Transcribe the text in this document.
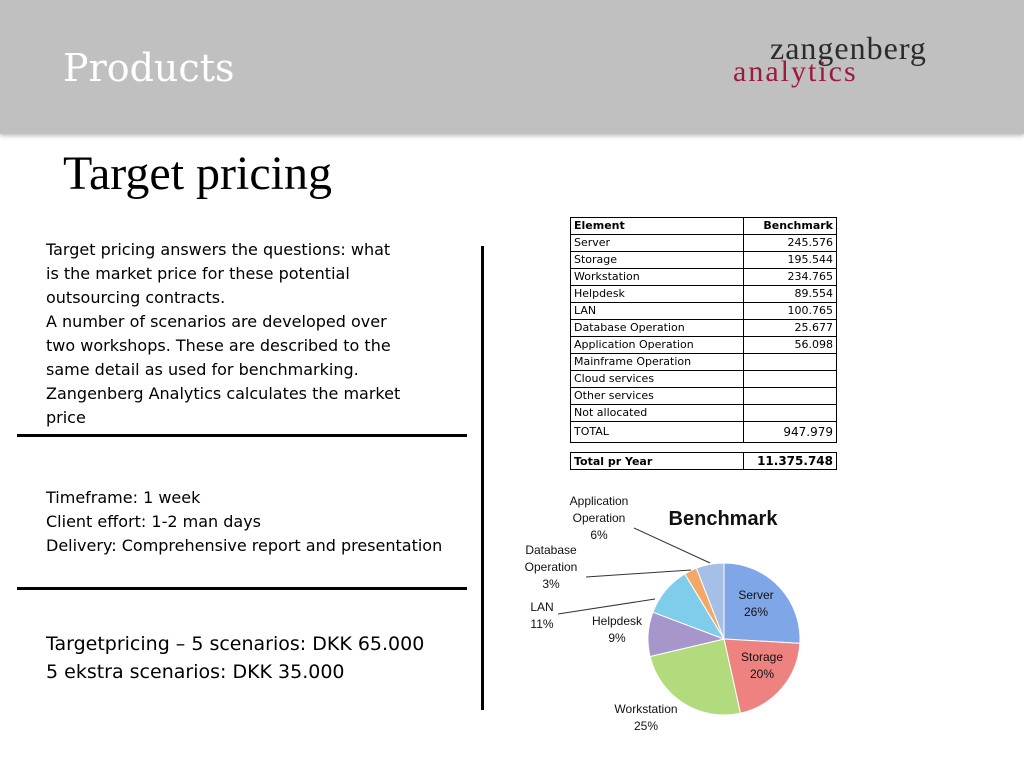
Products	zangenberg
analytics
Target pricing

Target pricing answers the questions: what

is the market price for these potential

outsourcing contracts.

A number of scenarios are developed over

two workshops. These are described to the

same detail as used for benchmarking.

Zangenberg Analytics calculates the market

price

Timeframe: 1 week

Client effort: 1-2 man days

Delivery: Comprehensive report and presentation

Targetpricing – 5 scenarios: DKK 65.000

5 ekstra scenarios: DKK 35.000

Element	Benchmark
Server	245.576
Storage	195.544
Workstation	234.765
Helpdesk	89.554
LAN	100.765
Database Operation	25.677
Application Operation	56.098
Mainframe Operation	
Cloud services	
Other services	
Not allocated	
TOTAL	947.979
Total pr Year	11.375.748
Benchmark
Server 26%
Storage 20%
Workstation 25%
Helpdesk 9%
LAN 11%
Database Operation 3%
Application Operation 6%
